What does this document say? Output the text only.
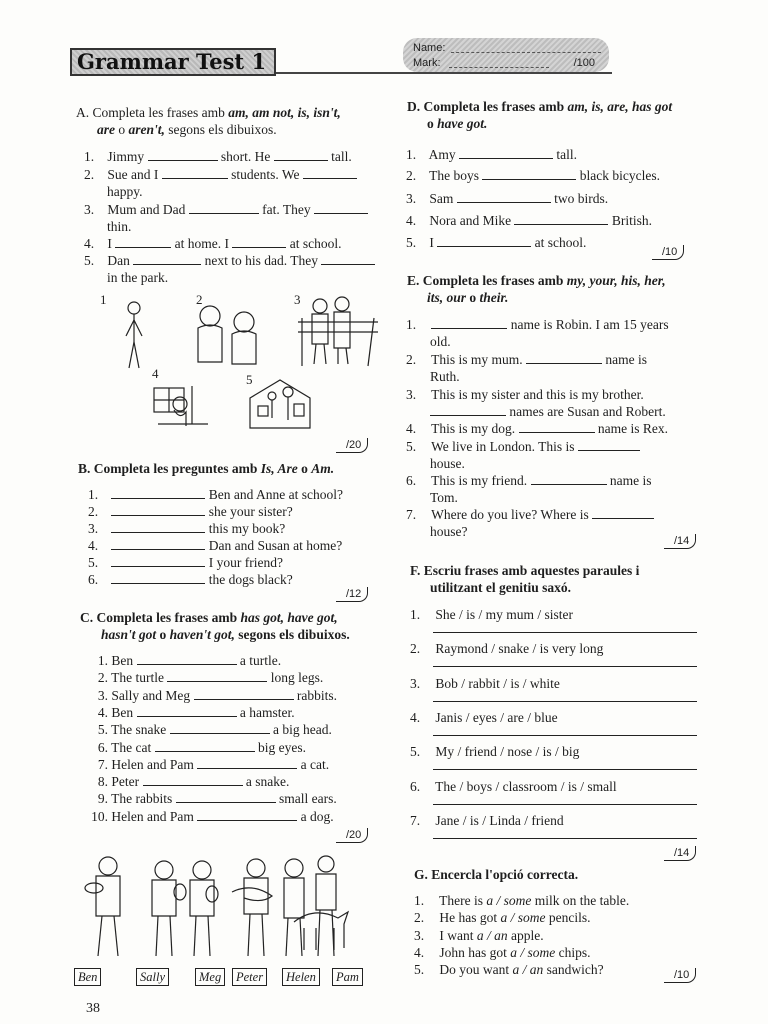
Grammar Test 1
Name:
Mark:	/100
A. Completa les frases amb am, am not, is, isn't,
are o aren't, segons els dibuixos.
1. Jimmy	short. He	tall.
2. Sue and I	students. We
happy.
3. Mum and Dad	fat. They
thin.
4. I	at home. I	at school.
5. Dan	next to his dad. They
in the park.
1	2	3
4	5
/20
B. Completa les preguntes amb Is, Are o Am.
1.	Ben and Anne at school?
2.	she your sister?
3.	this my book?
4.	Dan and Susan at home?
5.	I your friend?
6.	the dogs black?
/12
C. Completa les frases amb has got, have got,
hasn't got o haven't got, segons els dibuixos.
1. Ben	a turtle.
2. The turtle	long legs.
3. Sally and Meg	rabbits.
4. Ben	a hamster.
5. The snake	a big head.
6. The cat	big eyes.
7. Helen and Pam	a cat.
8. Peter	a snake.
9. The rabbits	small ears.
10. Helen and Pam	a dog.
/20
Ben	Sally	Meg	Peter	Helen	Pam
38
D. Completa les frases amb am, is, are, has got
o have got.
1. Amy	tall.
2. The boys	black bicycles.
3. Sam	two birds.
4. Nora and Mike	British.
5. I	at school.
/10
E. Completa les frases amb my, your, his, her,
its, our o their.
1.	name is Robin. I am 15 years
old.
2. This is my mum.	name is
Ruth.
3. This is my sister and this is my brother.
names are Susan and Robert.
4. This is my dog.	name is Rex.
5. We live in London. This is
house.
6. This is my friend.	name is
Tom.
7. Where do you live? Where is
house?
/14
F. Escriu frases amb aquestes paraules i
utilitzant el genitiu saxó.
1. She / is / my mum / sister
2. Raymond / snake / is very long
3. Bob / rabbit / is / white
4. Janis / eyes / are / blue
5. My / friend / nose / is / big
6. The / boys / classroom / is / small
7. Jane / is / Linda / friend
/14
G. Encercla l'opció correcta.
1. There is a / some milk on the table.
2. He has got a / some pencils.
3. I want a / an apple.
4. John has got a / some chips.
5. Do you want a / an sandwich?	/10
